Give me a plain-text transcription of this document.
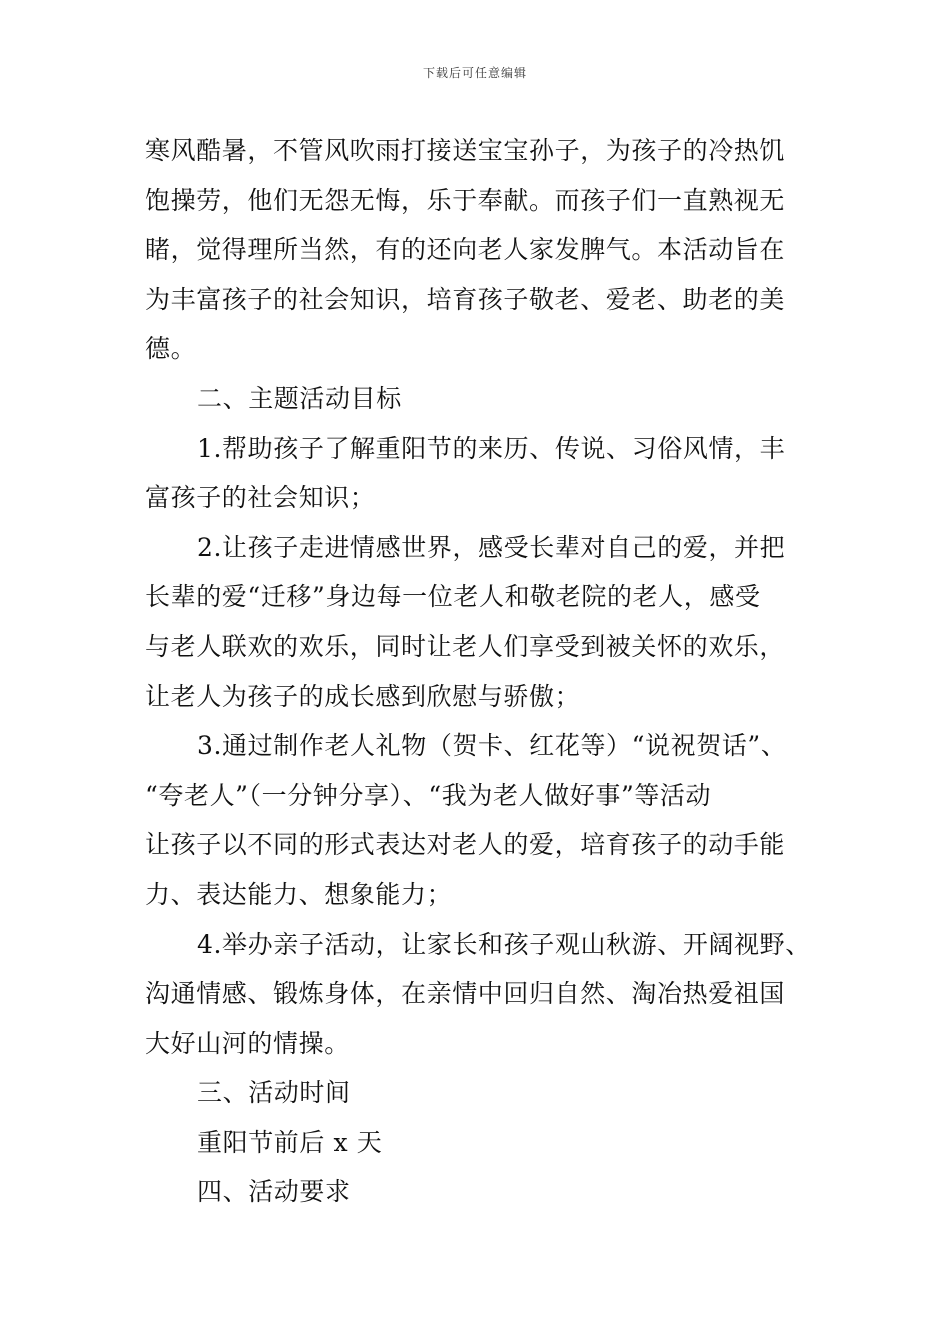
下载后可任意编辑
寒风酷暑，不管风吹雨打接送宝宝孙子，为孩子的冷热饥
饱操劳，他们无怨无悔，乐于奉献。而孩子们一直熟视无
睹，觉得理所当然，有的还向老人家发脾气。本活动旨在
为丰富孩子的社会知识，培育孩子敬老、爱老、助老的美
德。
二、主题活动目标
1.帮助孩子了解重阳节的来历、传说、习俗风情，丰
富孩子的社会知识；
2.让孩子走进情感世界，感受长辈对自己的爱，并把
长辈的爱“迁移”身边每一位老人和敬老院的老人，感受
与老人联欢的欢乐，同时让老人们享受到被关怀的欢乐，
让老人为孩子的成长感到欣慰与骄傲；
3.通过制作老人礼物（贺卡、红花等）“说祝贺话”、
“夸老人”（一分钟分享）、“我为老人做好事”等活动
让孩子以不同的形式表达对老人的爱，培育孩子的动手能
力、表达能力、想象能力；
4.举办亲子活动，让家长和孩子观山秋游、开阔视野、
沟通情感、锻炼身体，在亲情中回归自然、淘冶热爱祖国
大好山河的情操。
三、活动时间
重阳节前后 x 天
四、活动要求
